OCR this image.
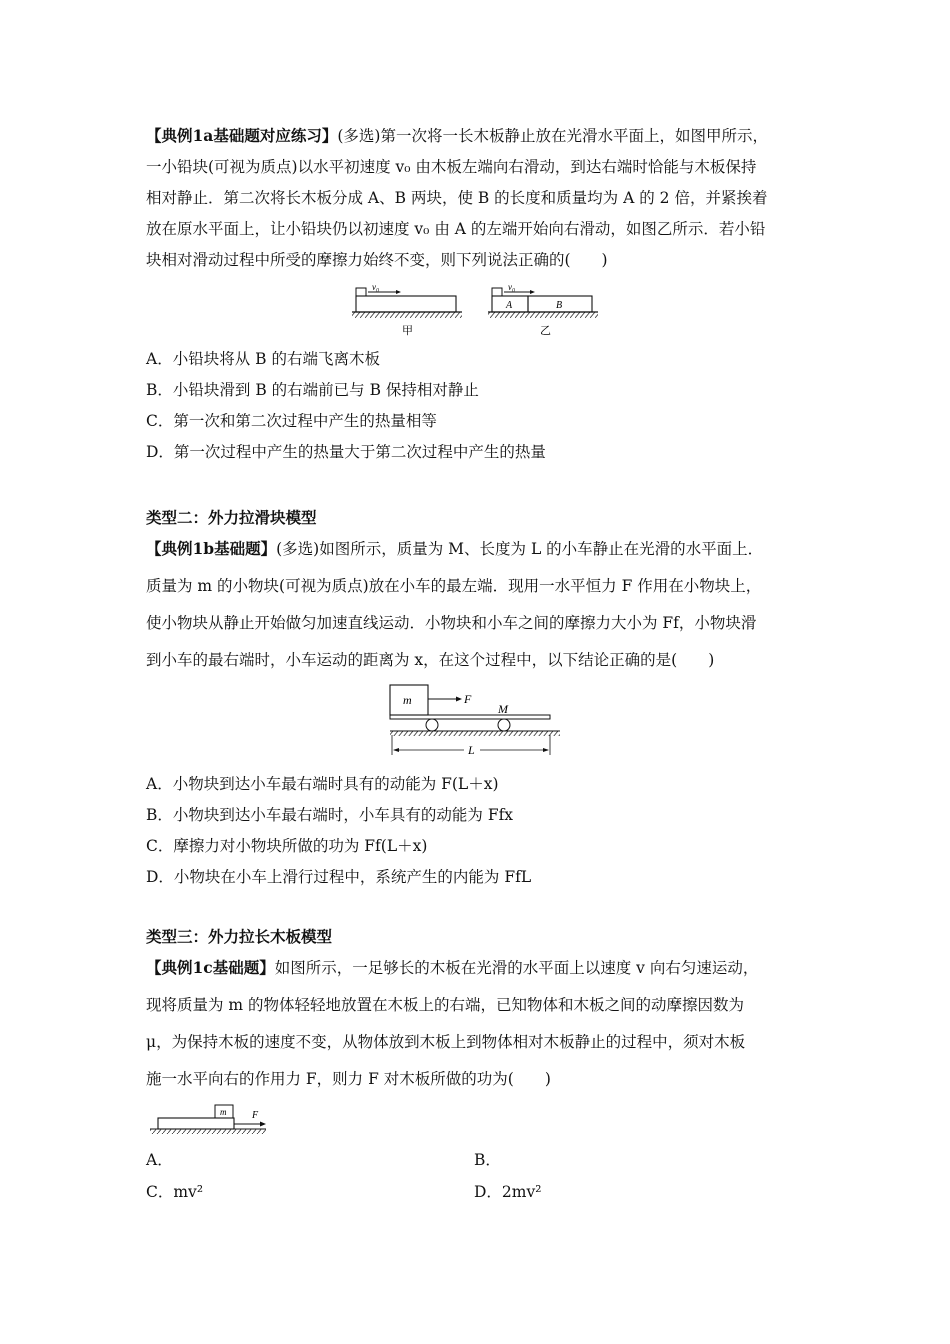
【典例1a基础题对应练习】(多选)第一次将一长木板静止放在光滑水平面上，如图甲所示，
一小铅块(可视为质点)以水平初速度 v₀ 由木板左端向右滑动，到达右端时恰能与木板保持
相对静止．第二次将长木板分成 A、B 两块，使 B 的长度和质量均为 A 的 2 倍，并紧挨着
放在原水平面上，让小铅块仍以初速度 v₀ 由 A 的左端开始向右滑动，如图乙所示．若小铅
块相对滑动过程中所受的摩擦力始终不变，则下列说法正确的(　　)
v₀
甲
v₀
A	B
乙
A．小铅块将从 B 的右端飞离木板
B．小铅块滑到 B 的右端前已与 B 保持相对静止
C．第一次和第二次过程中产生的热量相等
D．第一次过程中产生的热量大于第二次过程中产生的热量
类型二：外力拉滑块模型
【典例1b基础题】(多选)如图所示，质量为 M、长度为 L 的小车静止在光滑的水平面上．
质量为 m 的小物块(可视为质点)放在小车的最左端．现用一水平恒力 F 作用在小物块上，
使小物块从静止开始做匀加速直线运动．小物块和小车之间的摩擦力大小为 Ff，小物块滑
到小车的最右端时，小车运动的距离为 x，在这个过程中，以下结论正确的是(　　)
m	F
M
L
A．小物块到达小车最右端时具有的动能为 F(L＋x)
B．小物块到达小车最右端时，小车具有的动能为 Ffx
C．摩擦力对小物块所做的功为 Ff(L＋x)
D．小物块在小车上滑行过程中，系统产生的内能为 FfL
类型三：外力拉长木板模型
【典例1c基础题】如图所示，一足够长的木板在光滑的水平面上以速度 v 向右匀速运动，
现将质量为 m 的物体轻轻地放置在木板上的右端，已知物体和木板之间的动摩擦因数为
μ，为保持木板的速度不变，从物体放到木板上到物体相对木板静止的过程中，须对木板
施一水平向右的作用力 F，则力 F 对木板所做的功为(　　)
m	F
A．	B．
C．mv²	D．2mv²
